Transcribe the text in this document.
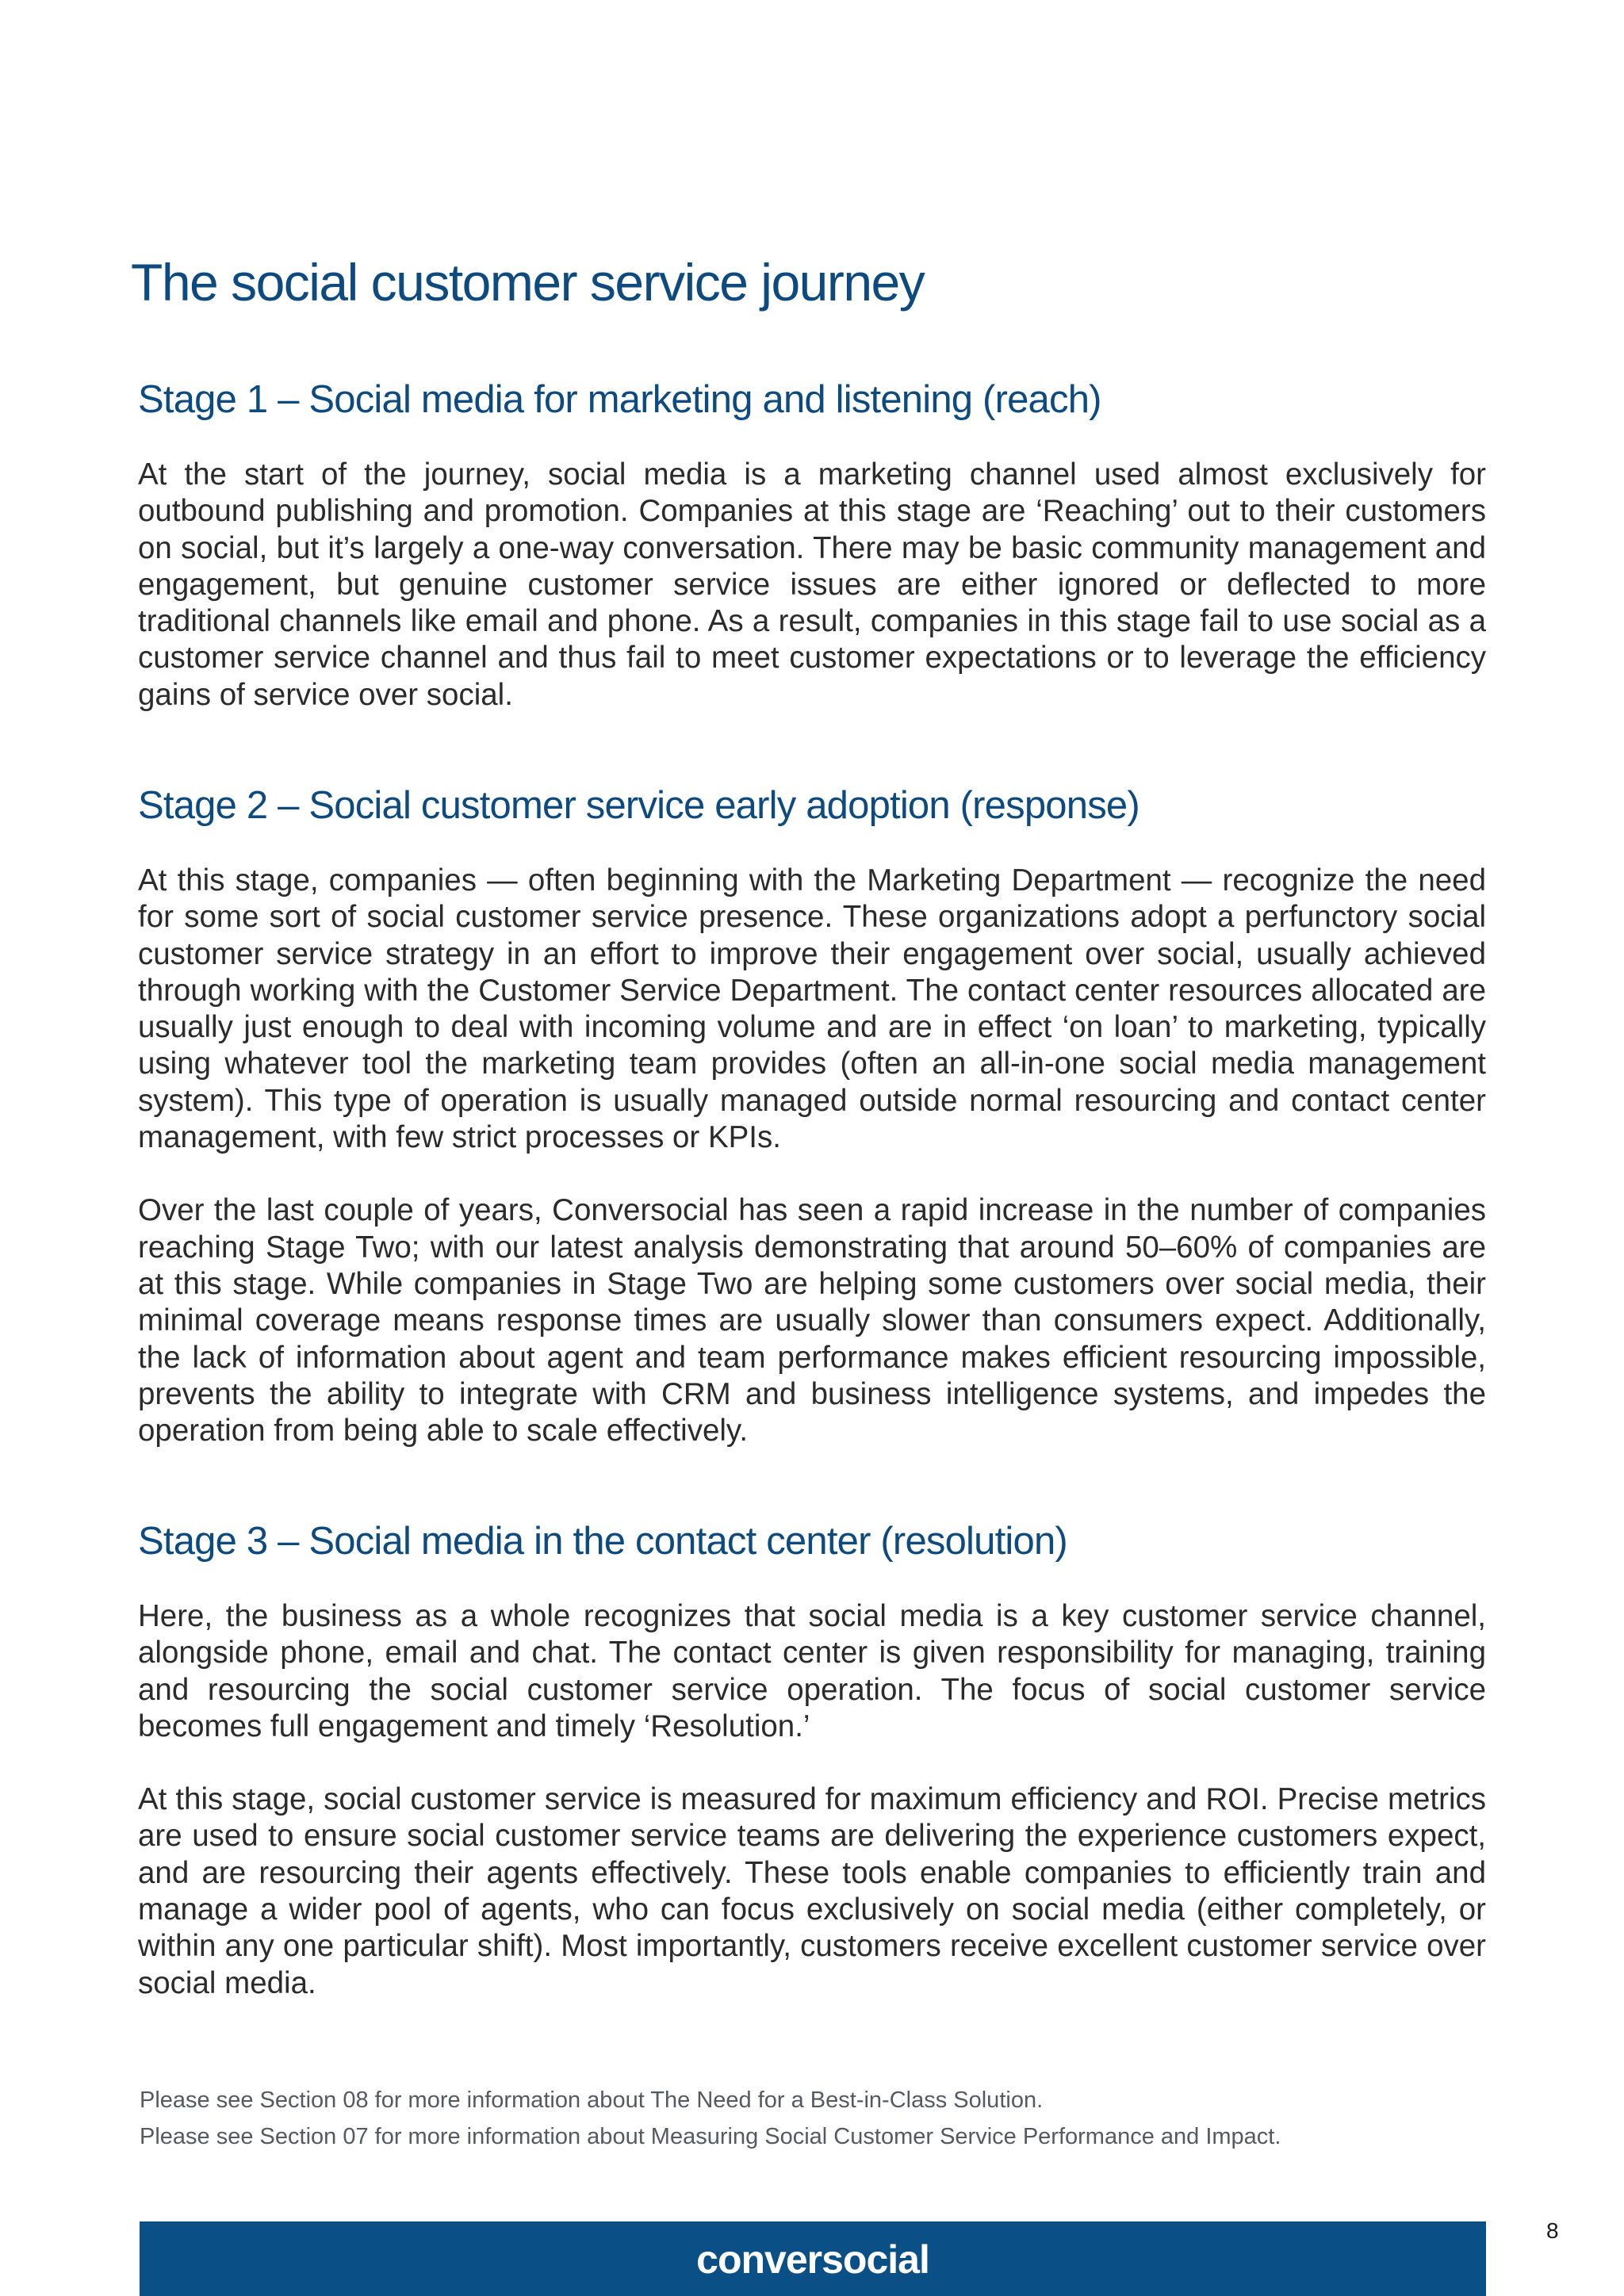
The social customer service journey
Stage 1 – Social media for marketing and listening (reach)

At the start of the journey, social media is a marketing channel used almost exclusively for outbound publishing and promotion. Companies at this stage are ‘Reaching’ out to their customers on social, but it’s largely a one-way conversation. There may be basic community management and engagement, but genuine customer service issues are either ignored or deflected to more traditional channels like email and phone. As a result, companies in this stage fail to use social as a customer service channel and thus fail to meet customer expectations or to leverage the efficiency gains of service over social.

Stage 2 – Social customer service early adoption (response)

At this stage, companies — often beginning with the Marketing Department — recognize the need for some sort of social customer service presence. These organizations adopt a perfunctory social customer service strategy in an effort to improve their engagement over social, usually achieved through working with the Customer Service Department. The contact center resources allocated are usually just enough to deal with incoming volume and are in effect ‘on loan’ to marketing, typically using whatever tool the marketing team provides (often an all-in-one social media management system). This type of operation is usually managed outside normal resourcing and contact center management, with few strict processes or KPIs.

Over the last couple of years, Conversocial has seen a rapid increase in the number of companies reaching Stage Two; with our latest analysis demonstrating that around 50–60% of companies are at this stage. While companies in Stage Two are helping some customers over social media, their minimal coverage means response times are usually slower than consumers expect. Additionally, the lack of information about agent and team performance makes efficient resourcing impossible, prevents the ability to integrate with CRM and business intelligence systems, and impedes the operation from being able to scale effectively.

Stage 3 – Social media in the contact center (resolution)

Here, the business as a whole recognizes that social media is a key customer service channel, alongside phone, email and chat. The contact center is given responsibility for managing, training and resourcing the social customer service operation. The focus of social customer service becomes full engagement and timely ‘Resolution.’

At this stage, social customer service is measured for maximum efficiency and ROI. Precise metrics are used to ensure social customer service teams are delivering the experience customers expect, and are resourcing their agents effectively. These tools enable companies to efficiently train and manage a wider pool of agents, who can focus exclusively on social media (either completely, or within any one particular shift). Most importantly, customers receive excellent customer service over social media.

Please see Section 08 for more information about The Need for a Best-in-Class Solution.

Please see Section 07 for more information about Measuring Social Customer Service Performance and Impact.

8
conversocial
